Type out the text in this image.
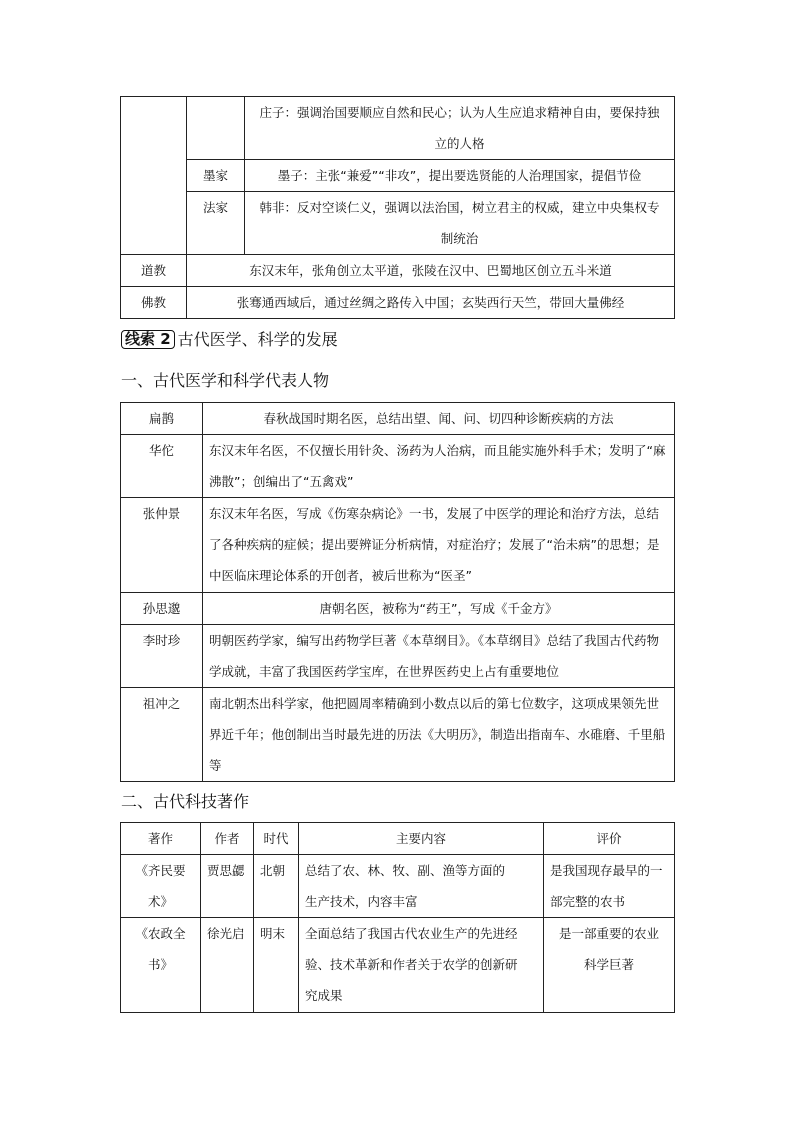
		庄子：强调治国要顺应自然和民心；认为人生应追求精神自由，要保持独立的人格
	墨家	墨子：主张“兼爱”“非攻”，提出要选贤能的人治理国家，提倡节俭
	法家	韩非：反对空谈仁义，强调以法治国，树立君主的权威，建立中央集权专制统治
道教	东汉末年，张角创立太平道，张陵在汉中、巴蜀地区创立五斗米道	
佛教	张骞通西域后，通过丝绸之路传入中国；玄奘西行天竺，带回大量佛经	
线索 2 古代医学、科学的发展
一、古代医学和科学代表人物
扁鹊	春秋战国时期名医，总结出望、闻、问、切四种诊断疾病的方法
华佗	东汉末年名医，不仅擅长用针灸、汤药为人治病，而且能实施外科手术；发明了“麻沸散”；创编出了“五禽戏”
张仲景	东汉末年名医，写成《伤寒杂病论》一书，发展了中医学的理论和治疗方法，总结了各种疾病的症候；提出要辨证分析病情，对症治疗；发展了“治未病”的思想；是中医临床理论体系的开创者，被后世称为“医圣”
孙思邈	唐朝名医，被称为“药王”，写成《千金方》
李时珍	明朝医药学家，编写出药物学巨著《本草纲目》。《本草纲目》总结了我国古代药物学成就，丰富了我国医药学宝库，在世界医药史上占有重要地位
祖冲之	南北朝杰出科学家，他把圆周率精确到小数点以后的第七位数字，这项成果领先世界近千年；他创制出当时最先进的历法《大明历》，制造出指南车、水碓磨、千里船等
二、古代科技著作
著作	作者	时代	主要内容	评价
《齐民要术》	贾思勰	北朝	总结了农、林、牧、副、渔等方面的生产技术，内容丰富	是我国现存最早的一部完整的农书
《农政全书》	徐光启	明末	全面总结了我国古代农业生产的先进经验、技术革新和作者关于农学的创新研究成果	是一部重要的农业科学巨著
